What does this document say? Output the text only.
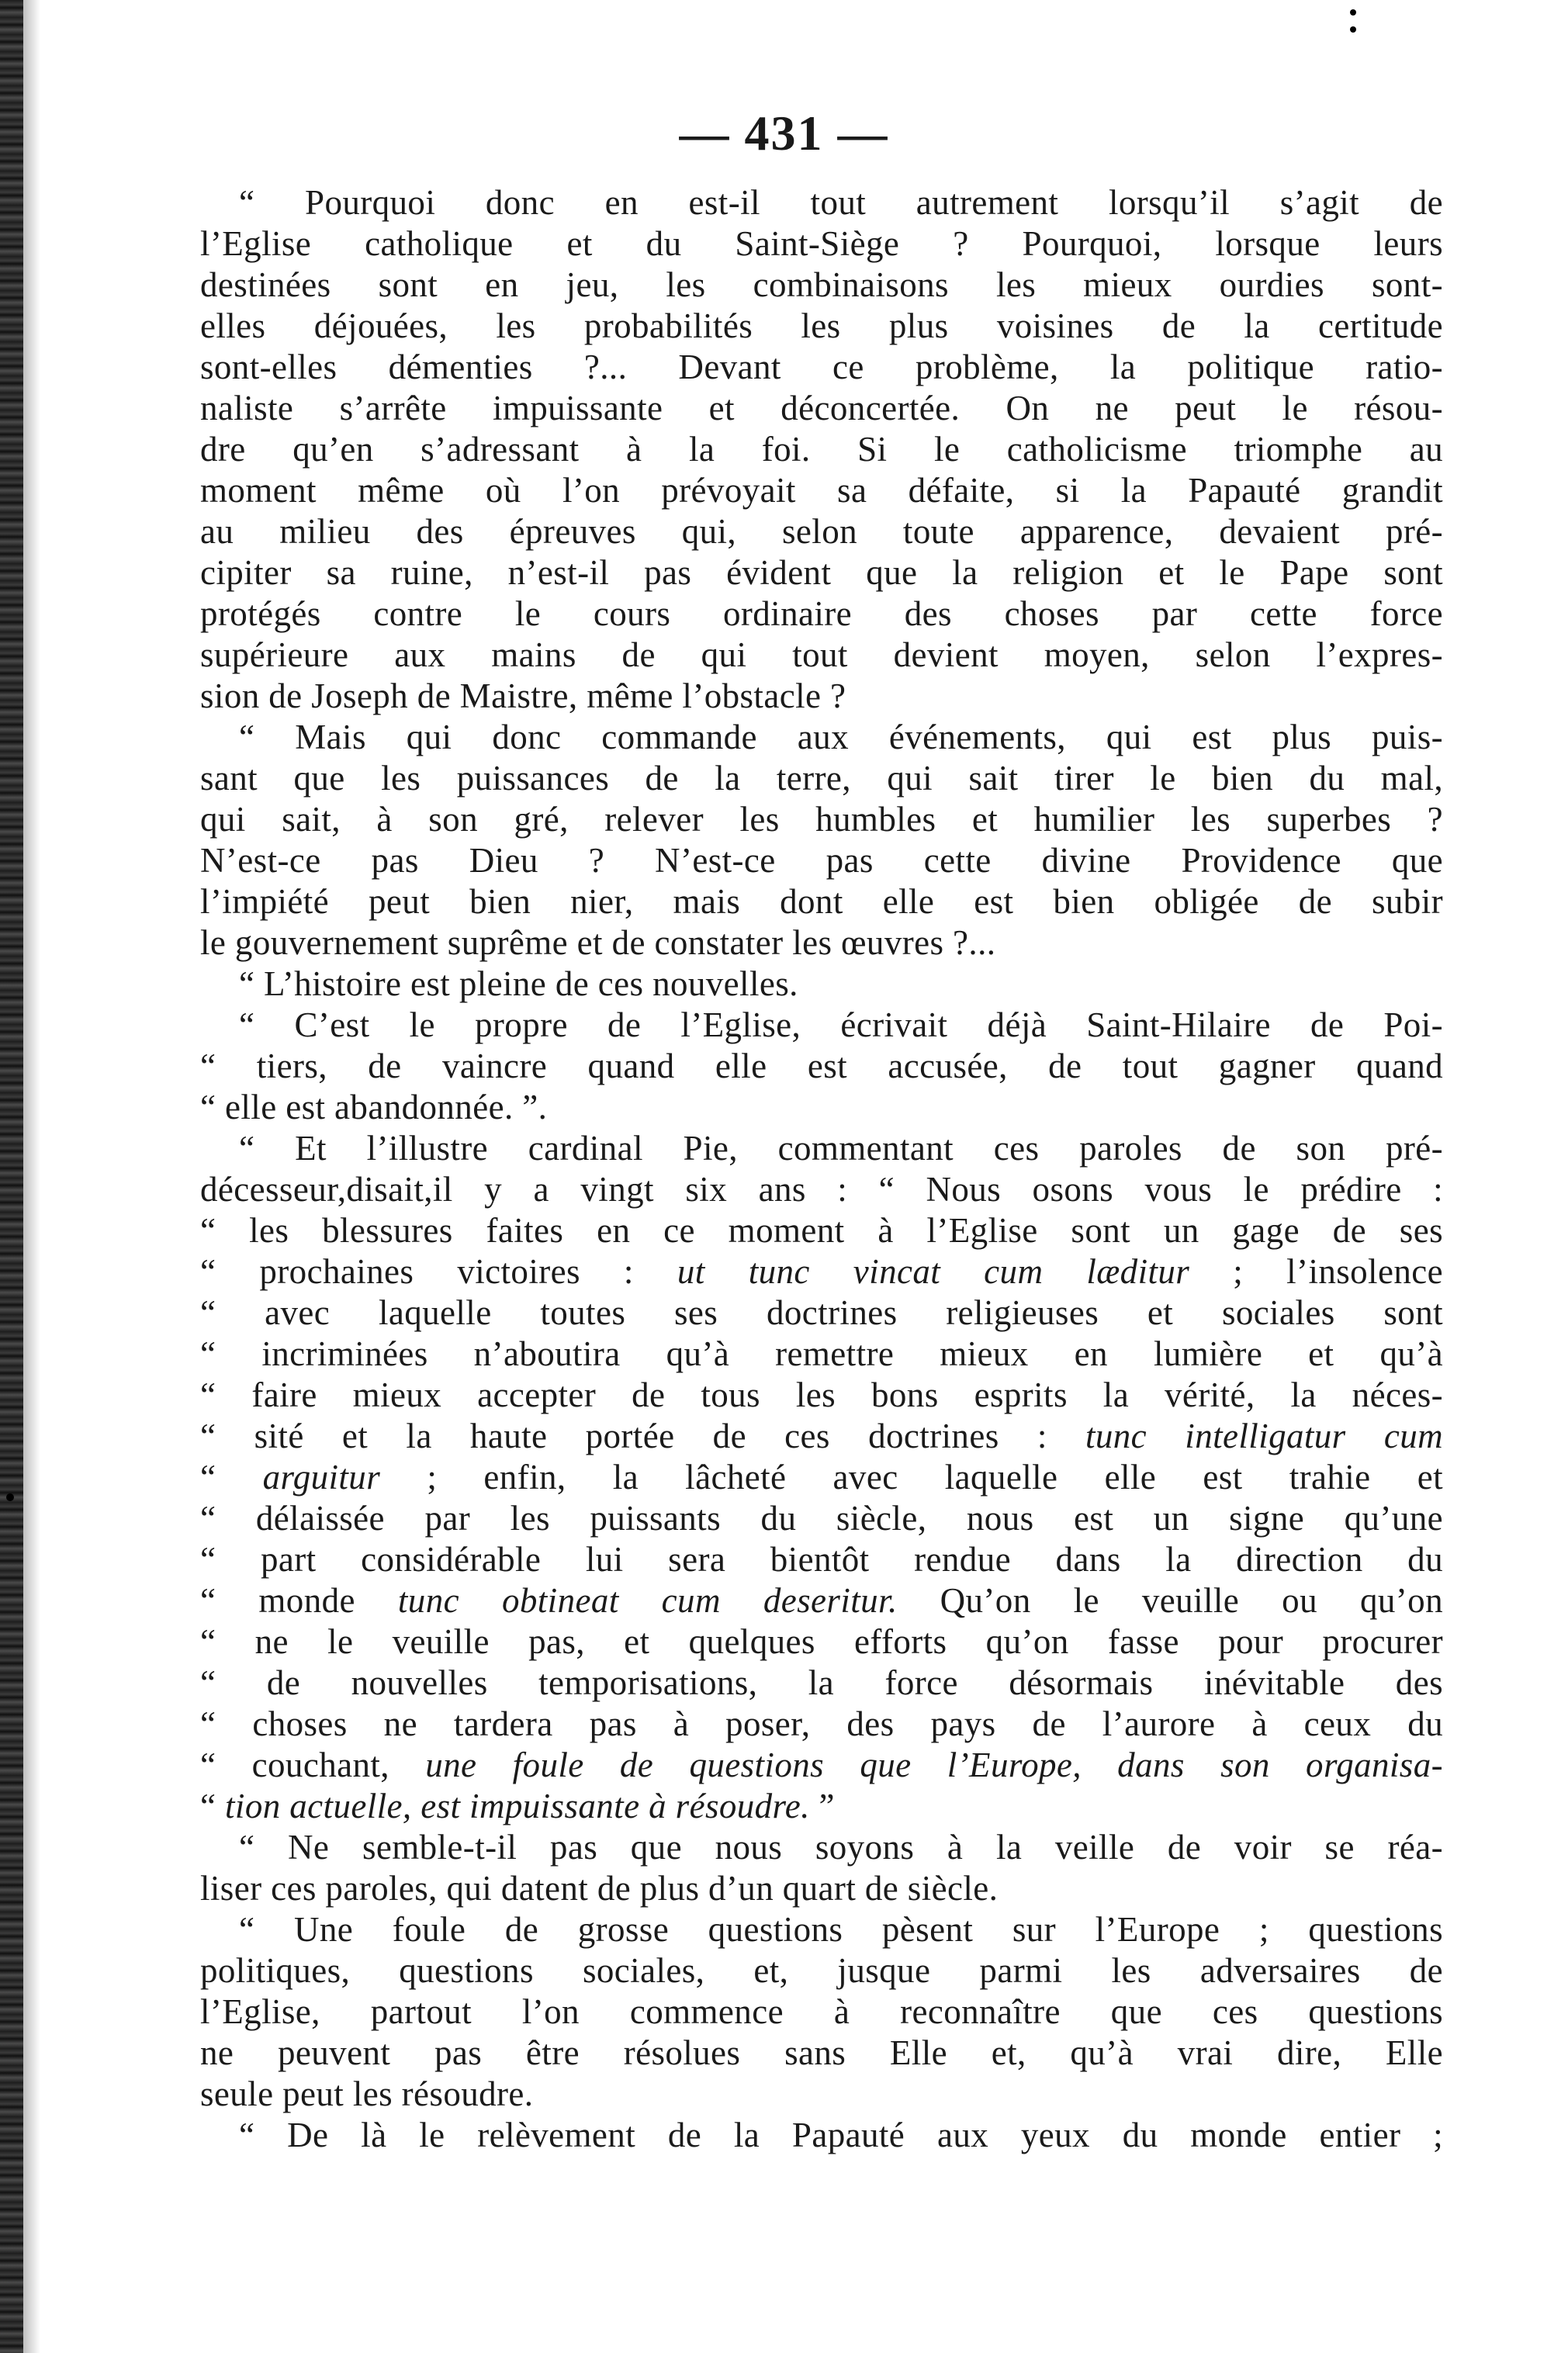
— 431 —
“ Pourquoi donc en est-il tout autrement lorsqu’il s’agit de
l’Eglise catholique et du Saint-Siège ? Pourquoi, lorsque leurs
destinées sont en jeu, les combinaisons les mieux ourdies sont-
elles déjouées, les probabilités les plus voisines de la certitude
sont-elles démenties ?... Devant ce problème, la politique ratio-
naliste s’arrête impuissante et déconcertée. On ne peut le résou-
dre qu’en s’adressant à la foi. Si le catholicisme triomphe au
moment même où l’on prévoyait sa défaite, si la Papauté grandit
au milieu des épreuves qui, selon toute apparence, devaient pré-
cipiter sa ruine, n’est-il pas évident que la religion et le Pape sont
protégés contre le cours ordinaire des choses par cette force
supérieure aux mains de qui tout devient moyen, selon l’expres-
sion de Joseph de Maistre, même l’obstacle ?
“ Mais qui donc commande aux événements, qui est plus puis-
sant que les puissances de la terre, qui sait tirer le bien du mal,
qui sait, à son gré, relever les humbles et humilier les superbes ?
N’est-ce pas Dieu ? N’est-ce pas cette divine Providence que
l’impiété peut bien nier, mais dont elle est bien obligée de subir
le gouvernement suprême et de constater les œuvres ?...
“ L’histoire est pleine de ces nouvelles.
“ C’est le propre de l’Eglise, écrivait déjà Saint-Hilaire de Poi-
“ tiers, de vaincre quand elle est accusée, de tout gagner quand
“ elle est abandonnée. ”.
“ Et l’illustre cardinal Pie, commentant ces paroles de son pré-
décesseur,disait,il y a vingt six ans : “ Nous osons vous le prédire :
“ les blessures faites en ce moment à l’Eglise sont un gage de ses
“ prochaines victoires : ut tunc vincat cum læditur ; l’insolence
“ avec laquelle toutes ses doctrines religieuses et sociales sont
“ incriminées n’aboutira qu’à remettre mieux en lumière et qu’à
“ faire mieux accepter de tous les bons esprits la vérité, la néces-
“ sité et la haute portée de ces doctrines : tunc intelligatur cum
“ arguitur ; enfin, la lâcheté avec laquelle elle est trahie et
“ délaissée par les puissants du siècle, nous est un signe qu’une
“ part considérable lui sera bientôt rendue dans la direction du
“ monde tunc obtineat cum deseritur. Qu’on le veuille ou qu’on
“ ne le veuille pas, et quelques efforts qu’on fasse pour procurer
“ de nouvelles temporisations, la force désormais inévitable des
“ choses ne tardera pas à poser, des pays de l’aurore à ceux du
“ couchant, une foule de questions que l’Europe, dans son organisa-
“ tion actuelle, est impuissante à résoudre. ”
“ Ne semble-t-il pas que nous soyons à la veille de voir se réa-
liser ces paroles, qui datent de plus d’un quart de siècle.
“ Une foule de grosse questions pèsent sur l’Europe ; questions
politiques, questions sociales, et, jusque parmi les adversaires de
l’Eglise, partout l’on commence à reconnaître que ces questions
ne peuvent pas être résolues sans Elle et, qu’à vrai dire, Elle
seule peut les résoudre.
“ De là le relèvement de la Papauté aux yeux du monde entier ;
